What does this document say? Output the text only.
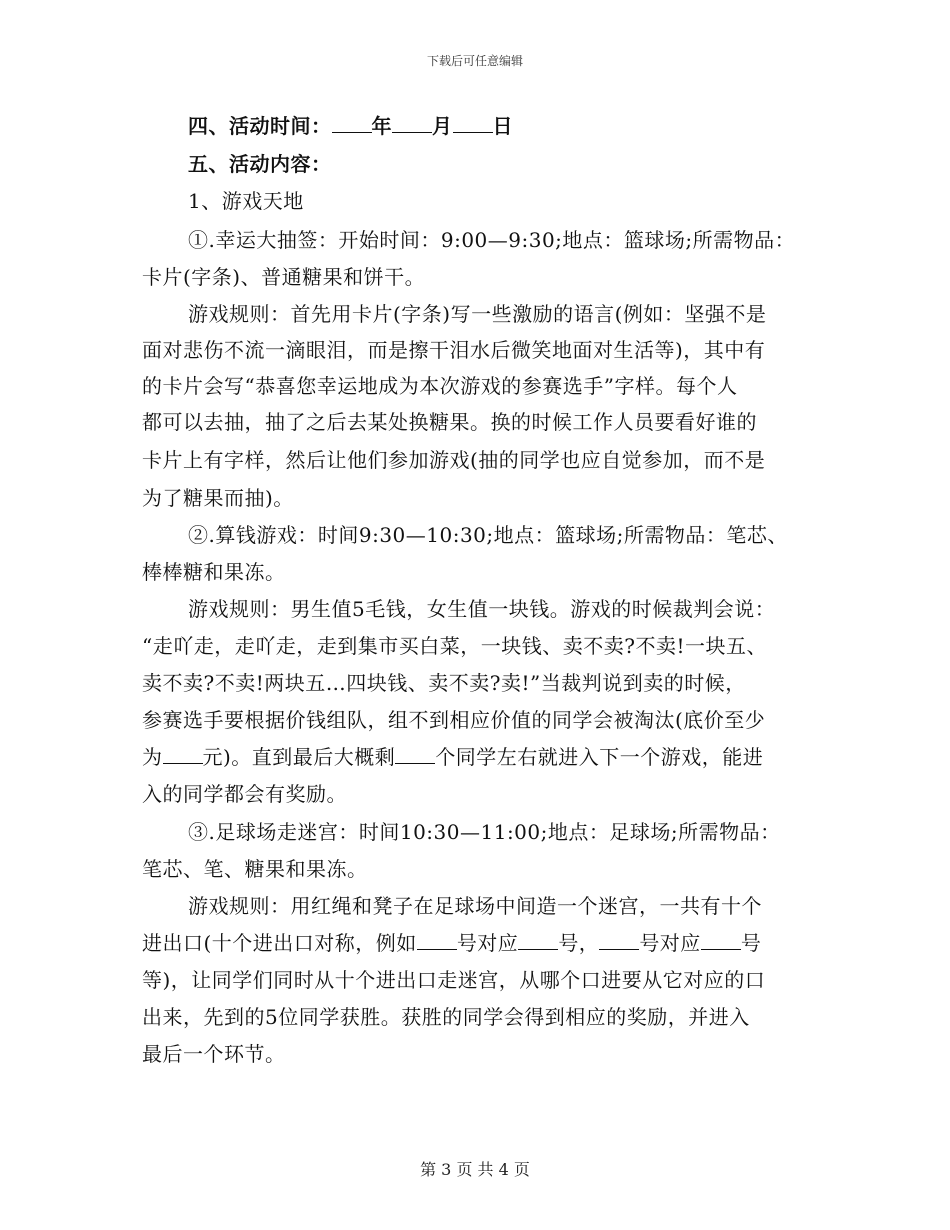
下载后可任意编辑
四、活动时间： 年 月 日
五、活动内容：
1、游戏天地
①.幸运大抽签：开始时间：9:00—9:30;地点：篮球场;所需物品：
卡片(字条)、普通糖果和饼干。
游戏规则：首先用卡片(字条)写一些激励的语言(例如：坚强不是
面对悲伤不流一滴眼泪，而是擦干泪水后微笑地面对生活等)，其中有
的卡片会写“恭喜您幸运地成为本次游戏的参赛选手”字样。每个人
都可以去抽，抽了之后去某处换糖果。换的时候工作人员要看好谁的
卡片上有字样，然后让他们参加游戏(抽的同学也应自觉参加，而不是
为了糖果而抽)。
②.算钱游戏：时间9:30—10:30;地点：篮球场;所需物品：笔芯、
棒棒糖和果冻。
游戏规则：男生值5毛钱，女生值一块钱。游戏的时候裁判会说：
“走吖走，走吖走，走到集市买白菜，一块钱、卖不卖?不卖!一块五、
卖不卖?不卖!两块五…四块钱、卖不卖?卖!”当裁判说到卖的时候，
参赛选手要根据价钱组队，组不到相应价值的同学会被淘汰(底价至少
为 元)。直到最后大概剩 个同学左右就进入下一个游戏，能进
入的同学都会有奖励。
③.足球场走迷宫：时间10:30—11:00;地点：足球场;所需物品：
笔芯、笔、糖果和果冻。
游戏规则：用红绳和凳子在足球场中间造一个迷宫，一共有十个
进出口(十个进出口对称，例如 号对应 号， 号对应 号
等)，让同学们同时从十个进出口走迷宫，从哪个口进要从它对应的口
出来，先到的5位同学获胜。获胜的同学会得到相应的奖励，并进入
最后一个环节。
第 3 页 共 4 页
